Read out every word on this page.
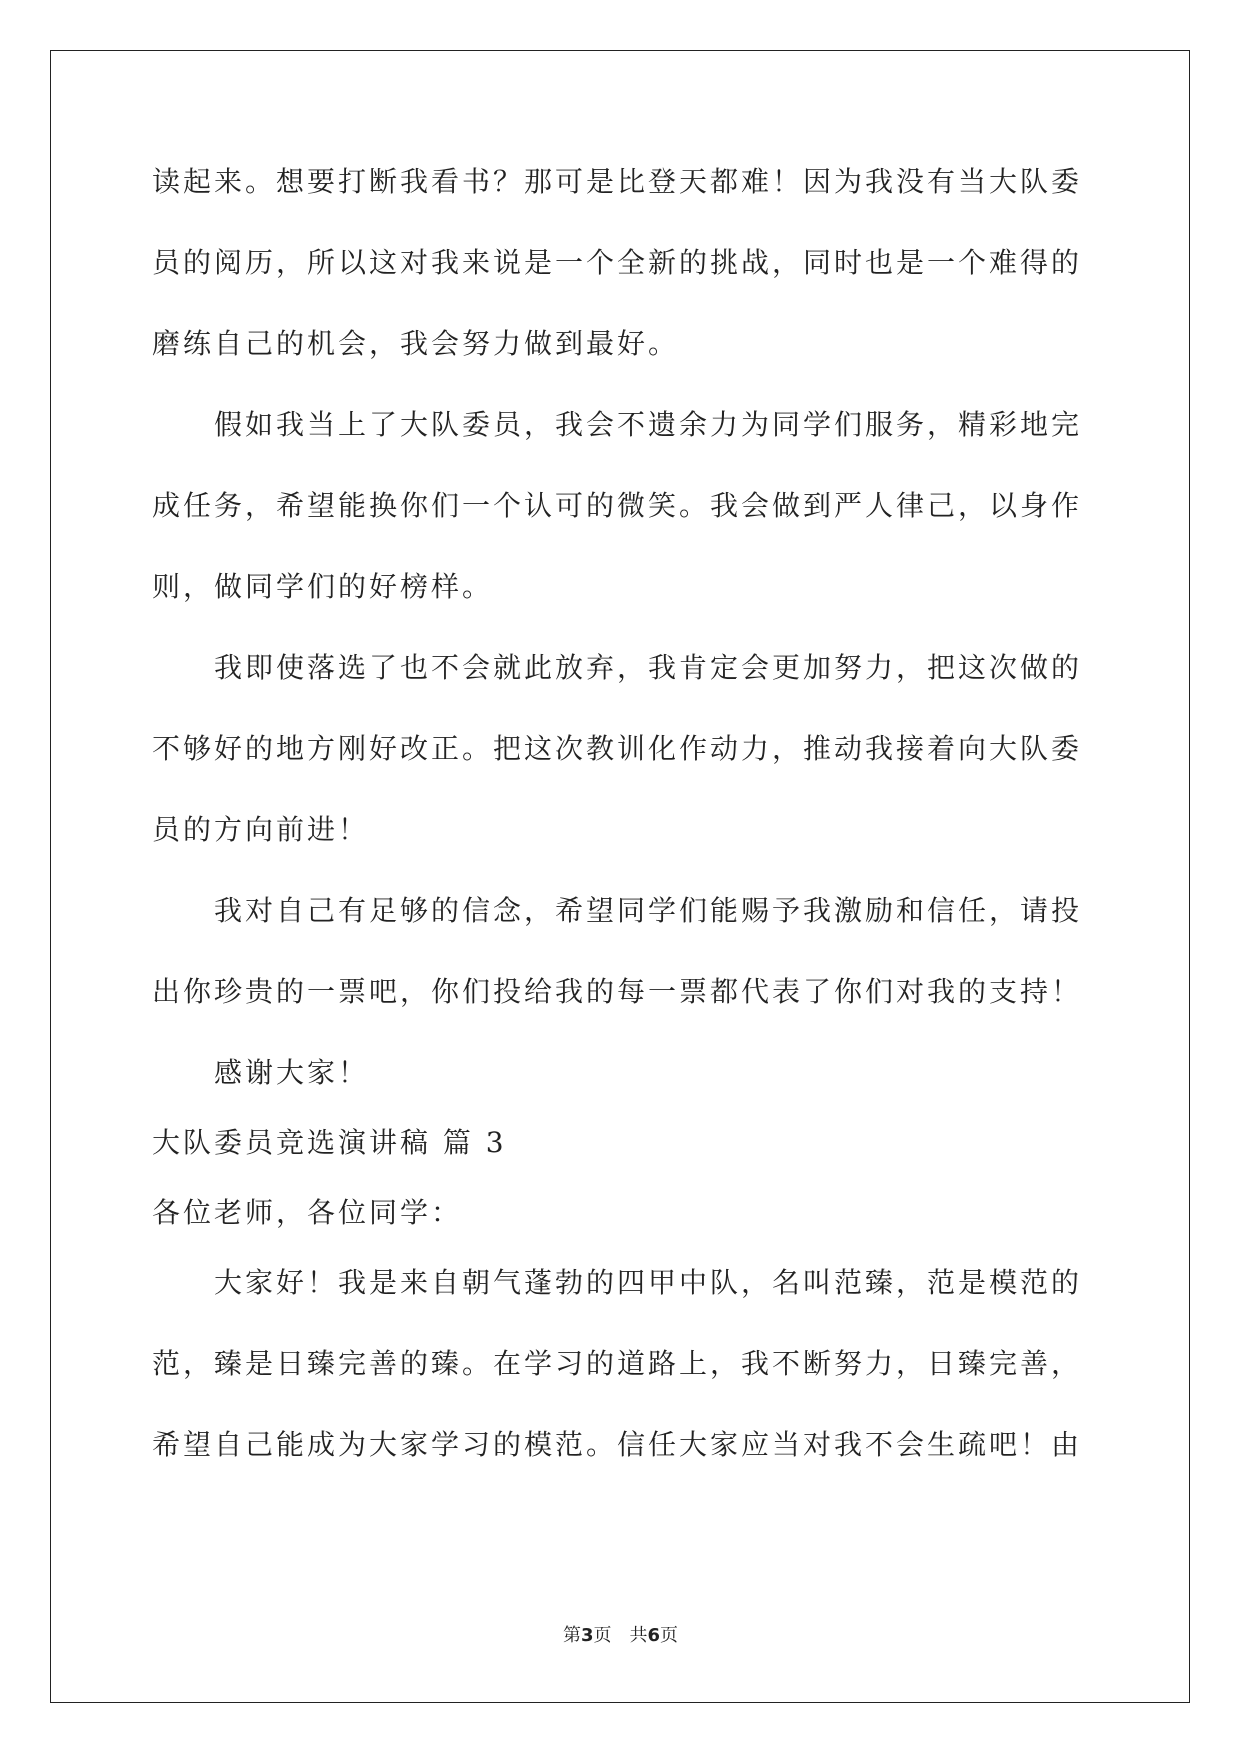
读起来。想要打断我看书？那可是比登天都难！因为我没有当大队委
员的阅历，所以这对我来说是一个全新的挑战，同时也是一个难得的
磨练自己的机会，我会努力做到最好。
假如我当上了大队委员，我会不遗余力为同学们服务，精彩地完
成任务，希望能换你们一个认可的微笑。我会做到严人律己，以身作
则，做同学们的好榜样。
我即使落选了也不会就此放弃，我肯定会更加努力，把这次做的
不够好的地方刚好改正。把这次教训化作动力，推动我接着向大队委
员的方向前进！
我对自己有足够的信念，希望同学们能赐予我激励和信任，请投
出你珍贵的一票吧，你们投给我的每一票都代表了你们对我的支持！
感谢大家！
大队委员竞选演讲稿 篇 3
各位老师，各位同学：
大家好！我是来自朝气蓬勃的四甲中队，名叫范臻，范是模范的
范，臻是日臻完善的臻。在学习的道路上，我不断努力，日臻完善，
希望自己能成为大家学习的模范。信任大家应当对我不会生疏吧！由
第3页　共6页
